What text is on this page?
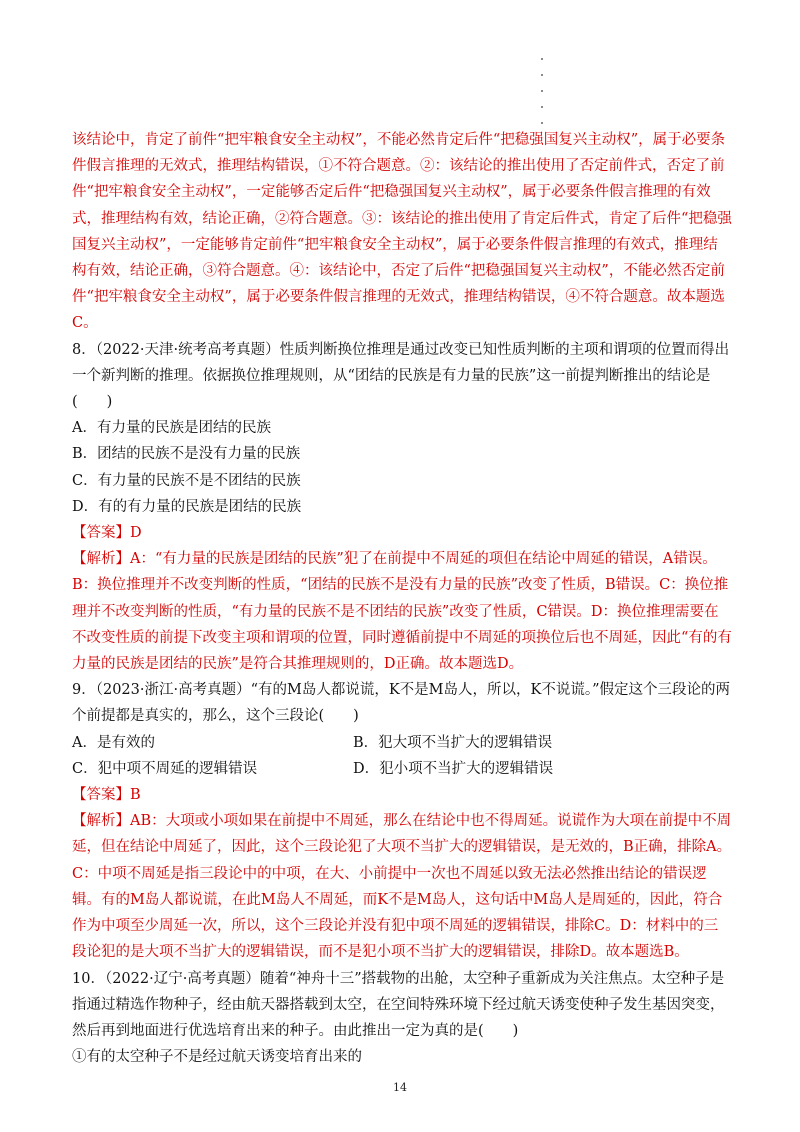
该结论中，肯定了前件“把牢粮食安全主动权”，不能必然肯定后件“把稳强国复兴主动权”，属于必要条件假言推理的无效式，推理结构错误，①不符合题意。②：该结论的推出使用了否定前件式，否定了前件“把牢粮食安全主动权”，一定能够否定后件“把稳强国复兴主动权”，属于必要条件假言推理的有效式，推理结构有效，结论正确，②符合题意。③：该结论的推出使用了肯定后件式，肯定了后件“把稳强国复兴主动权”，一定能够肯定前件“把牢粮食安全主动权”，属于必要条件假言推理的有效式，推理结构有效，结论正确，③符合题意。④：该结论中，否定了后件“把稳强国复兴主动权”，不能必然否定前件“把牢粮食安全主动权”，属于必要条件假言推理的无效式，推理结构错误，④不符合题意。故本题选C。

8．（2022·天津·统考高考真题）性质判断换位推理是通过改变已知性质判断的主项和谓项的位置而得出一个新判断的推理。依据换位推理规则，从“团结的民族是有力量的民族”这一前提判断推出的结论是

(　　)

A．有力量的民族是团结的民族

B．团结的民族不是没有力量的民族

C．有力量的民族不是不团结的民族

D．有的有力量的民族是团结的民族

【答案】D

【解析】A：“有力量的民族是团结的民族”犯了在前提中不周延的项但在结论中周延的错误，A错误。B：换位推理并不改变判断的性质，“团结的民族不是没有力量的民族”改变了性质，B错误。C：换位推理并不改变判断的性质，“有力量的民族不是不团结的民族”改变了性质，C错误。D：换位推理需要在不改变性质的前提下改变主项和谓项的位置，同时遵循前提中不周延的项换位后也不周延，因此“有的有力量的民族是团结的民族”是符合其推理规则的，D正确。故本题选D。

9．（2023·浙江·高考真题）“有的M岛人都说谎，K不是M岛人，所以，K不说谎。”假定这个三段论的两个前提都是真实的，那么，这个三段论(　　)

A．是有效的	B．犯大项不当扩大的逻辑错误

C．犯中项不周延的逻辑错误	D．犯小项不当扩大的逻辑错误

【答案】B

【解析】AB：大项或小项如果在前提中不周延，那么在结论中也不得周延。说谎作为大项在前提中不周延，但在结论中周延了，因此，这个三段论犯了大项不当扩大的逻辑错误，是无效的，B正确，排除A。C：中项不周延是指三段论中的中项，在大、小前提中一次也不周延以致无法必然推出结论的错误逻辑。有的M岛人都说谎，在此M岛人不周延，而K不是M岛人，这句话中M岛人是周延的，因此，符合作为中项至少周延一次，所以，这个三段论并没有犯中项不周延的逻辑错误，排除C。D：材料中的三段论犯的是大项不当扩大的逻辑错误，而不是犯小项不当扩大的逻辑错误，排除D。故本题选B。

10．（2022·辽宁·高考真题）随着“神舟十三”搭载物的出舱，太空种子重新成为关注焦点。太空种子是指通过精选作物种子，经由航天器搭载到太空，在空间特殊环境下经过航天诱变使种子发生基因突变，然后再到地面进行优选培育出来的种子。由此推出一定为真的是(　　)

①有的太空种子不是经过航天诱变培育出来的

14
